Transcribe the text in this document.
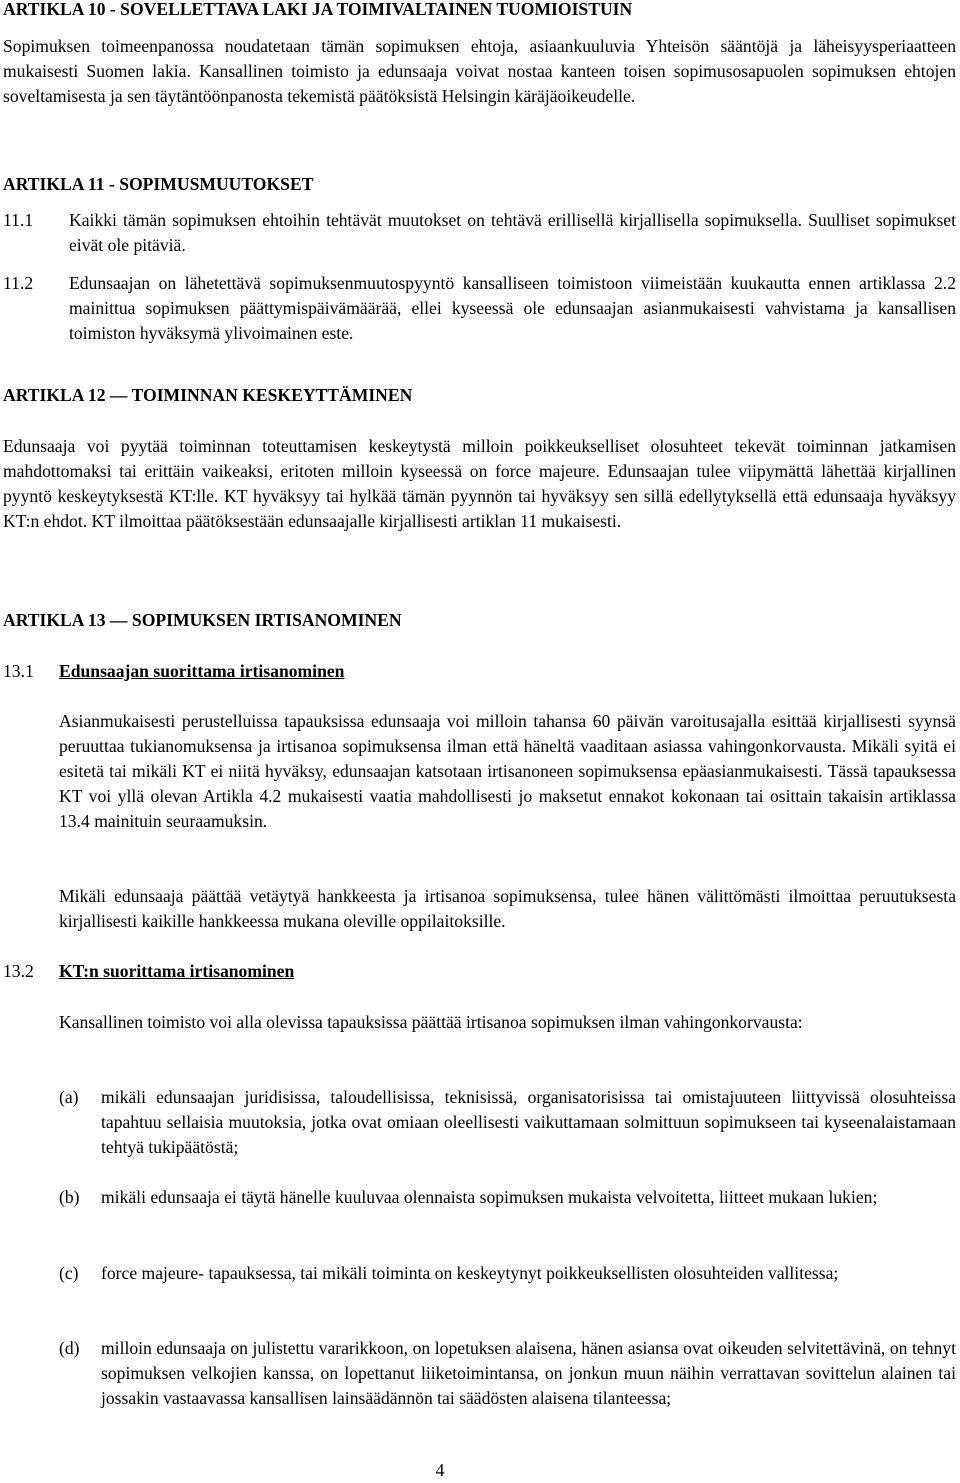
ARTIKLA 10 - SOVELLETTAVA LAKI JA TOIMIVALTAINEN TUOMIOISTUIN

Sopimuksen toimeenpanossa noudatetaan tämän sopimuksen ehtoja, asiaankuuluvia Yhteisön sääntöjä ja läheisyysperiaatteen mukaisesti Suomen lakia. Kansallinen toimisto ja edunsaaja voivat nostaa kanteen toisen sopimusosapuolen sopimuksen ehtojen soveltamisesta ja sen täytäntöönpanosta tekemistä päätöksistä Helsingin käräjäoikeudelle.

ARTIKLA 11 - SOPIMUSMUUTOKSET
11.1 Kaikki tämän sopimuksen ehtoihin tehtävät muutokset on tehtävä erillisellä kirjallisella sopimuksella. Suulliset sopimukset eivät ole pitäviä.

11.2 Edunsaajan on lähetettävä sopimuksenmuutospyyntö kansalliseen toimistoon viimeistään kuukautta ennen artiklassa 2.2 mainittua sopimuksen päättymispäivämäärää, ellei kyseessä ole edunsaajan asianmukaisesti vahvistama ja kansallisen toimiston hyväksymä ylivoimainen este.

ARTIKLA 12 — TOIMINNAN KESKEYTTÄMINEN

Edunsaaja voi pyytää toiminnan toteuttamisen keskeytystä milloin poikkeukselliset olosuhteet tekevät toiminnan jatkamisen mahdottomaksi tai erittäin vaikeaksi, eritoten milloin kyseessä on force majeure. Edunsaajan tulee viipymättä lähettää kirjallinen pyyntö keskeytyksestä KT:lle. KT hyväksyy tai hylkää tämän pyynnön tai hyväksyy sen sillä edellytyksellä että edunsaaja hyväksyy KT:n ehdot. KT ilmoittaa päätöksestään edunsaajalle kirjallisesti artiklan 11 mukaisesti.

ARTIKLA 13 — SOPIMUKSEN IRTISANOMINEN
13.1 Edunsaajan suorittama irtisanominen

Asianmukaisesti perustelluissa tapauksissa edunsaaja voi milloin tahansa 60 päivän varoitusajalla esittää kirjallisesti syynsä peruuttaa tukianomuksensa ja irtisanoa sopimuksensa ilman että häneltä vaaditaan asiassa vahingonkorvausta. Mikäli syitä ei esitetä tai mikäli KT ei niitä hyväksy, edunsaajan katsotaan irtisanoneen sopimuksensa epäasianmukaisesti. Tässä tapauksessa KT voi yllä olevan Artikla 4.2 mukaisesti vaatia mahdollisesti jo maksetut ennakot kokonaan tai osittain takaisin artiklassa 13.4 mainituin seuraamuksin.

Mikäli edunsaaja päättää vetäytyä hankkeesta ja irtisanoa sopimuksensa, tulee hänen välittömästi ilmoittaa peruutuksesta kirjallisesti kaikille hankkeessa mukana oleville oppilaitoksille.

13.2 KT:n suorittama irtisanominen

Kansallinen toimisto voi alla olevissa tapauksissa päättää irtisanoa sopimuksen ilman vahingonkorvausta:

(a) mikäli edunsaajan juridisissa, taloudellisissa, teknisissä, organisatorisissa tai omistajuuteen liittyvissä olosuhteissa tapahtuu sellaisia muutoksia, jotka ovat omiaan oleellisesti vaikuttamaan solmittuun sopimukseen tai kyseenalaistamaan tehtyä tukipäätöstä;

(b) mikäli edunsaaja ei täytä hänelle kuuluvaa olennaista sopimuksen mukaista velvoitetta, liitteet mukaan lukien;

(c) force majeure- tapauksessa, tai mikäli toiminta on keskeytynyt poikkeuksellisten olosuhteiden vallitessa;

(d) milloin edunsaaja on julistettu vararikkoon, on lopetuksen alaisena, hänen asiansa ovat oikeuden selvitettävinä, on tehnyt sopimuksen velkojien kanssa, on lopettanut liiketoimintansa, on jonkun muun näihin verrattavan sovittelun alainen tai jossakin vastaavassa kansallisen lainsäädännön tai säädösten alaisena tilanteessa;

4
